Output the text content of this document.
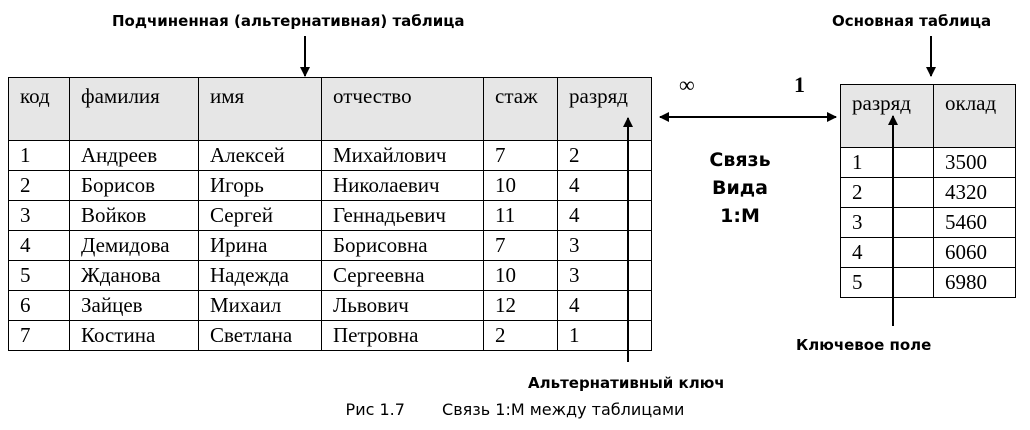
Подчиненная (альтернативная) таблица	Основная таблица
Альтернативный ключ
Ключевое поле
код	фамилия	имя	отчество	стаж	разряд
1	Андреев	Алексей	Михайлович	7	2
2	Борисов	Игорь	Николаевич	10	4
3	Войков	Сергей	Геннадьевич	11	4
4	Демидова	Ирина	Борисовна	7	3
5	Жданова	Надежда	Сергеевна	10	3
6	Зайцев	Михаил	Львович	12	4
7	Костина	Светлана	Петровна	2	1
разряд	оклад
1	3500
2	4320
3	5460
4	6060
5	6980
∞	1
Связь
Вида
1:М
Рис 1.7 Связь 1:М между таблицами
